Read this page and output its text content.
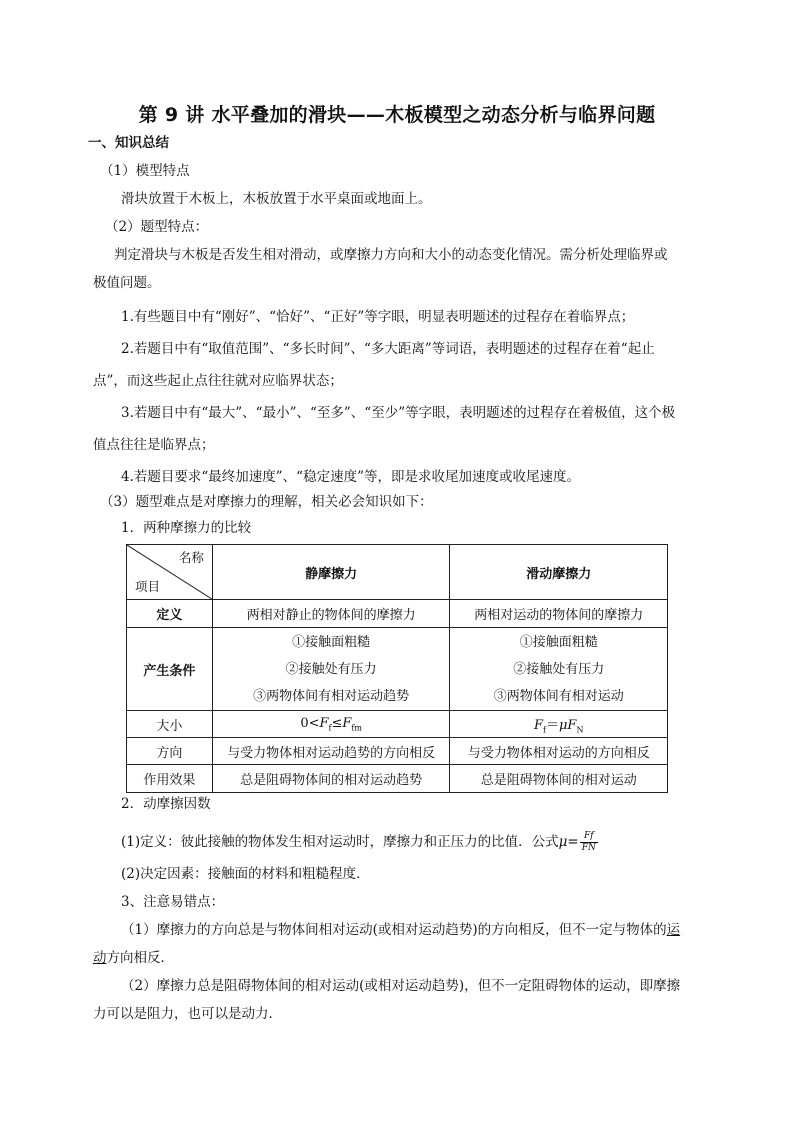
第 9 讲 水平叠加的滑块——木板模型之动态分析与临界问题
一、知识总结
（1）模型特点
滑块放置于木板上，木板放置于水平桌面或地面上。
（2）题型特点：
判定滑块与木板是否发生相对滑动，或摩擦力方向和大小的动态变化情况。需分析处理临界或
极值问题。
1.有些题目中有“刚好”、“恰好”、“正好”等字眼，明显表明题述的过程存在着临界点；
2.若题目中有“取值范围”、“多长时间”、“多大距离”等词语，表明题述的过程存在着“起止
点”，而这些起止点往往就对应临界状态；
3.若题目中有“最大”、“最小”、“至多”、“至少”等字眼，表明题述的过程存在着极值，这个极
值点往往是临界点；
4.若题目要求“最终加速度”、“稳定速度”等，即是求收尾加速度或收尾速度。
（3）题型难点是对摩擦力的理解，相关必会知识如下：
1．两种摩擦力的比较
名称
项目	静摩擦力	滑动摩擦力
定义	两相对静止的物体间的摩擦力	两相对运动的物体间的摩擦力
产生条件	①接触面粗糙
②接触处有压力
③两物体间有相对运动趋势	①接触面粗糙
②接触处有压力
③两物体间有相对运动

大小	$0<F_f\le F_{fm}$	$F_f=\mu F_N$
方向	与受力物体相对运动趋势的方向相反	与受力物体相对运动的方向相反
作用效果	总是阻碍物体间的相对运动趋势	总是阻碍物体间的相对运动
2．动摩擦因数
(1)定义：彼此接触的物体发生相对运动时，摩擦力和正压力的比值．公式$\mu= \frac{Ff}{FN}$
(2)决定因素：接触面的材料和粗糙程度．
3、注意易错点：
（1）摩擦力的方向总是与物体间相对运动(或相对运动趋势)的方向相反，但不一定与物体的运
动方向相反．
（2）摩擦力总是阻碍物体间的相对运动(或相对运动趋势)，但不一定阻碍物体的运动，即摩擦
力可以是阻力，也可以是动力．
